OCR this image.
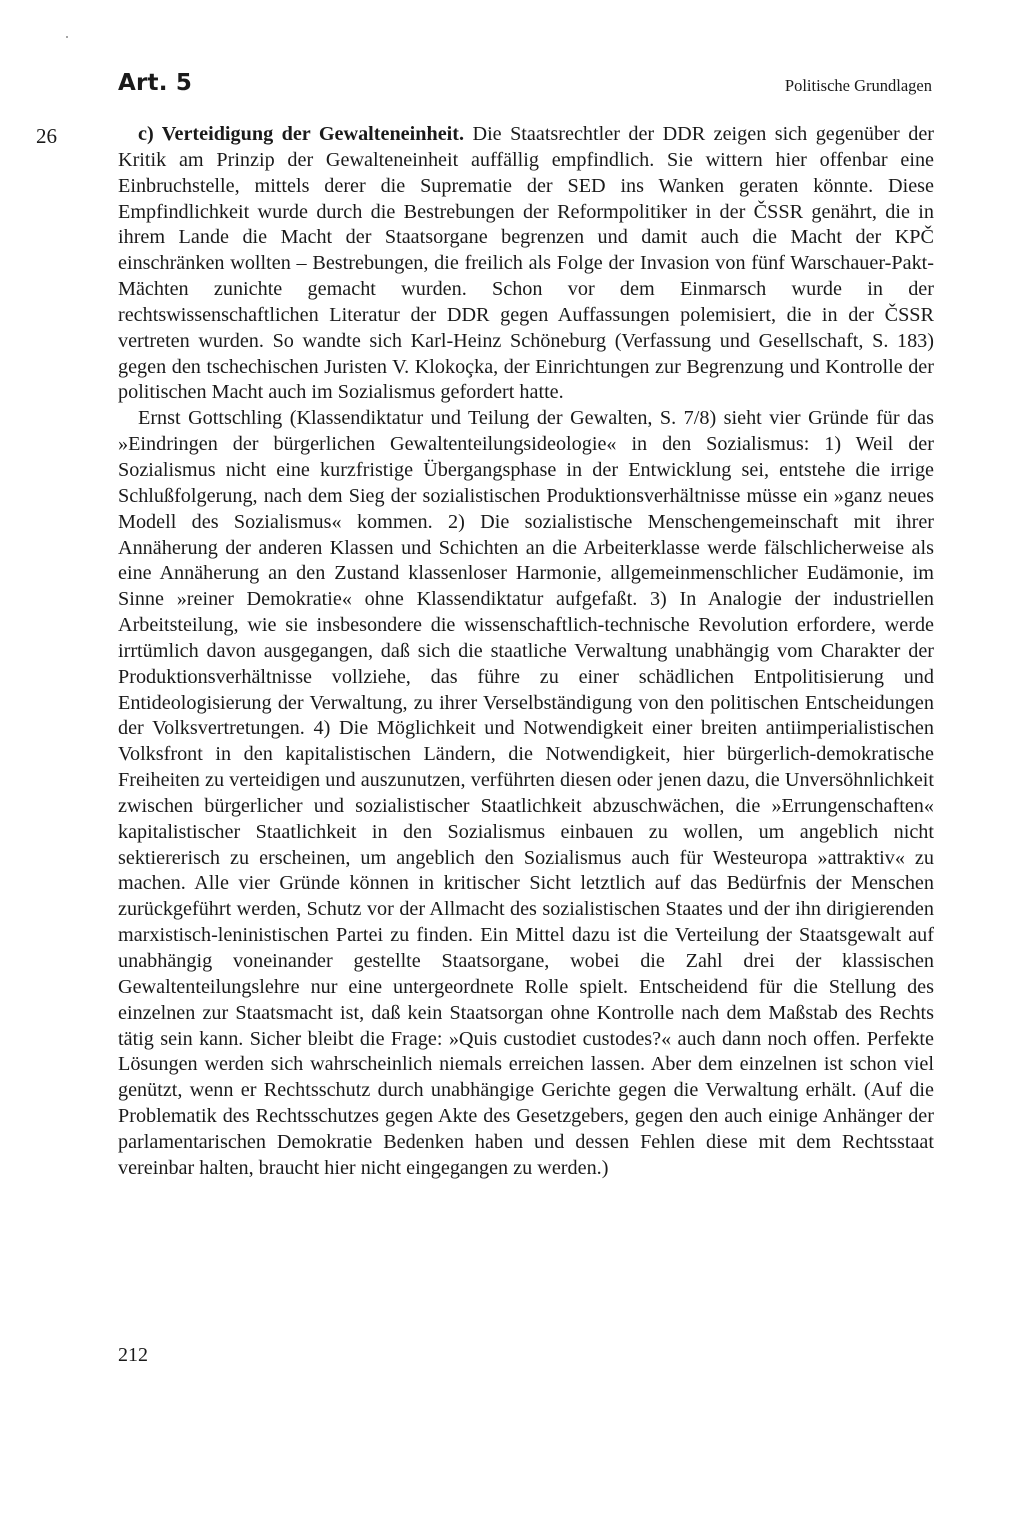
Art. 5	Politische Grundlagen
26	c) Verteidigung der Gewalteneinheit. Die Staatsrechtler der DDR zeigen sich gegenüber der Kritik am Prinzip der Gewalteneinheit auffällig empfindlich. Sie wittern hier offenbar eine Einbruchstelle, mittels derer die Suprematie der SED ins Wanken geraten könnte. Diese Empfindlichkeit wurde durch die Bestrebungen der Reformpolitiker in der ČSSR genährt, die in ihrem Lande die Macht der Staatsorgane begrenzen und damit auch die Macht der KPČ einschränken wollten – Bestrebungen, die freilich als Folge der Invasion von fünf Warschauer-Pakt-Mächten zunichte gemacht wurden. Schon vor dem Einmarsch wurde in der rechtswissenschaftlichen Literatur der DDR gegen Auffassungen polemisiert, die in der ČSSR vertreten wurden. So wandte sich Karl-Heinz Schöneburg (Verfassung und Gesellschaft, S. 183) gegen den tschechischen Juristen V. Klokoçka, der Einrichtungen zur Begrenzung und Kontrolle der politischen Macht auch im Sozialismus gefordert hatte.

Ernst Gottschling (Klassendiktatur und Teilung der Gewalten, S. 7/8) sieht vier Gründe für das »Eindringen der bürgerlichen Gewaltenteilungsideologie« in den Sozialismus: 1) Weil der Sozialismus nicht eine kurzfristige Übergangsphase in der Entwicklung sei, entstehe die irrige Schlußfolgerung, nach dem Sieg der sozialistischen Produktionsverhältnisse müsse ein »ganz neues Modell des Sozialismus« kommen. 2) Die sozialistische Menschengemeinschaft mit ihrer Annäherung der anderen Klassen und Schichten an die Arbeiterklasse werde fälschlicherweise als eine Annäherung an den Zustand klassenloser Harmonie, allgemeinmenschlicher Eudämonie, im Sinne »reiner Demokratie« ohne Klassendiktatur aufgefaßt. 3) In Analogie der industriellen Arbeitsteilung, wie sie insbesondere die wissenschaftlich-technische Revolution erfordere, werde irrtümlich davon ausgegangen, daß sich die staatliche Verwaltung unabhängig vom Charakter der Produktionsverhältnisse vollziehe, das führe zu einer schädlichen Entpolitisierung und Entideologisierung der Verwaltung, zu ihrer Verselbständigung von den politischen Entscheidungen der Volksvertretungen. 4) Die Möglichkeit und Notwendigkeit einer breiten antiimperialistischen Volksfront in den kapitalistischen Ländern, die Notwendigkeit, hier bürgerlich-demokratische Freiheiten zu verteidigen und auszunutzen, verführten diesen oder jenen dazu, die Unversöhnlichkeit zwischen bürgerlicher und sozialistischer Staatlichkeit abzuschwächen, die »Errungenschaften« kapitalistischer Staatlichkeit in den Sozialismus einbauen zu wollen, um angeblich nicht sektiererisch zu erscheinen, um angeblich den Sozialismus auch für Westeuropa »attraktiv« zu machen. Alle vier Gründe können in kritischer Sicht letztlich auf das Bedürfnis der Menschen zurückgeführt werden, Schutz vor der Allmacht des sozialistischen Staates und der ihn dirigierenden marxistisch-leninistischen Partei zu finden. Ein Mittel dazu ist die Verteilung der Staatsgewalt auf unabhängig voneinander gestellte Staatsorgane, wobei die Zahl drei der klassischen Gewaltenteilungslehre nur eine untergeordnete Rolle spielt. Entscheidend für die Stellung des einzelnen zur Staatsmacht ist, daß kein Staatsorgan ohne Kontrolle nach dem Maßstab des Rechts tätig sein kann. Sicher bleibt die Frage: »Quis custodiet custodes?« auch dann noch offen. Perfekte Lösungen werden sich wahrscheinlich niemals erreichen lassen. Aber dem einzelnen ist schon viel genützt, wenn er Rechtsschutz durch unabhängige Gerichte gegen die Verwaltung erhält. (Auf die Problematik des Rechtsschutzes gegen Akte des Gesetzgebers, gegen den auch einige Anhänger der parlamentarischen Demokratie Bedenken haben und dessen Fehlen diese mit dem Rechtsstaat vereinbar halten, braucht hier nicht eingegangen zu werden.)

212
